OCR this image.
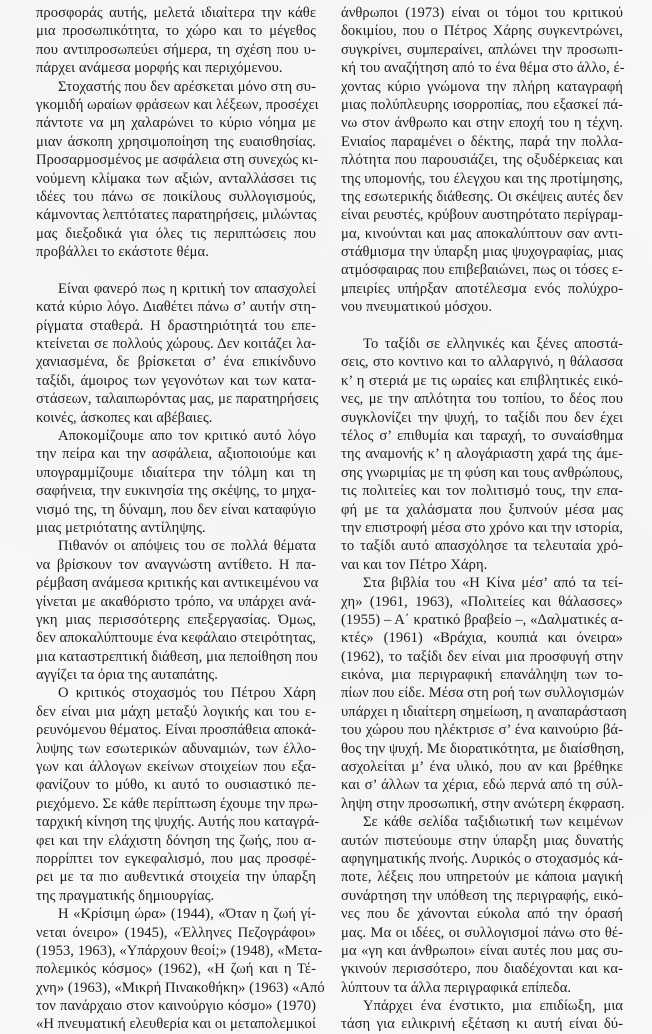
προσφοράς αυτής, μελετά ιδιαίτερα την κάθε
μια προσωπικότητα, το χώρο και το μέγεθος
που αντιπροσωπεύει σήμερα, τη σχέση που υ-
πάρχει ανάμεσα μορφής και περιχόμενου.
Στοχαστής που δεν αρέσκεται μόνο στη συ-
γκομιδή ωραίων φράσεων και λέξεων, προσέχει
πάντοτε να μη χαλαρώνει το κύριο νόημα με
μιαν άσκοπη χρησιμοποίηση της ευαισθησίας.
Προσαρμοσμένος με ασφάλεια στη συνεχώς κι-
νούμενη κλίμακα των αξιών, ανταλλάσσει τις
ιδέες του πάνω σε ποικίλους συλλογισμούς,
κάμνοντας λεπτότατες παρατηρήσεις, μιλώντας
μας διεξοδικά για όλες τις περιπτώσεις που
προβάλλει το εκάστοτε θέμα.
Είναι φανερό πως η κριτική τον απασχολεί
κατά κύριο λόγο. Διαθέτει πάνω σ’ αυτήν στη-
ρίγματα σταθερά. Η δραστηριότητά του επε-
κτείνεται σε πολλούς χώρους. Δεν κοιτάζει λα-
χανιασμένα, δε βρίσκεται σ’ ένα επικίνδυνο
ταξίδι, άμοιρος των γεγονότων και των κατα-
στάσεων, ταλαιπωρόντας μας, με παρατηρήσεις
κοινές, άσκοπες και αβέβαιες.
Αποκομίζουμε απο τον κριτικό αυτό λόγο
την πείρα και την ασφάλεια, αξιοποιούμε και
υπογραμμίζουμε ιδιαίτερα την τόλμη και τη
σαφήνεια, την ευκινησία της σκέψης, το μηχα-
νισμό της, τη δύναμη, που δεν είναι καταφύγιο
μιας μετριότατης αντίληψης.
Πιθανόν οι απόψεις του σε πολλά θέματα
να βρίσκουν τον αναγνώστη αντίθετο. Η πα-
ρέμβαση ανάμεσα κριτικής και αντικειμένου να
γίνεται με ακαθόριστο τρόπο, να υπάρχει ανά-
γκη μιας περισσότερης επεξεργασίας. Όμως,
δεν αποκαλύπτουμε ένα κεφάλαιο στειρότητας,
μια καταστρεπτική διάθεση, μια πεποίθηση που
αγγίζει τα όρια της αυταπάτης.
Ο κριτικός στοχασμός του Πέτρου Χάρη
δεν είναι μια μάχη μεταξύ λογικής και του ε-
ρευνόμενου θέματος. Είναι προσπάθεια αποκά-
λυψης των εσωτερικών αδυναμιών, των έλλο-
γων και άλλογων εκείνων στοιχείων που εξα-
φανίζουν το μύθο, κι αυτό το ουσιαστικό πε-
ριεχόμενο. Σε κάθε περίπτωση έχουμε την πρω-
ταρχική κίνηση της ψυχής. Αυτής που καταγρά-
φει και την ελάχιστη δόνηση της ζωής, που α-
πορρίπτει τον εγκεφαλισμό, που μας προσφέ-
ρει με τα πιο αυθεντικά στοιχεία την ύπαρξη
της πραγματικής δημιουργίας.
Η «Κρίσιμη ώρα» (1944), «Όταν η ζωή γί-
νεται όνειρο» (1945), «Έλληνες Πεζογράφοι»
(1953, 1963), «Υπάρχουν θεοί;» (1948), «Μετα-
πολεμικός κόσμος» (1962), «Η ζωή και η Τέ-
χνη» (1963), «Μικρή Πινακοθήκη» (1963) «Από
τον πανάρχαιο στον καινούργιο κόσμο» (1970)
«Η πνευματική ελευθερία και οι μεταπολεμικοί
άνθρωποι (1973) είναι οι τόμοι του κριτικού
δοκιμίου, που ο Πέτρος Χάρης συγκεντρώνει,
συγκρίνει, συμπεραίνει, απλώνει την προσωπι-
κή του αναζήτηση από το ένα θέμα στο άλλο, έ-
χοντας κύριο γνώμονα την πλήρη καταγραφή
μιας πολύπλευρης ισορροπίας, που εξασκεί πά-
νω στον άνθρωπο και στην εποχή του η τέχνη.
Ενιαίος παραμένει ο δέκτης, παρά την πολλα-
πλότητα που παρουσιάζει, της οξυδέρκειας και
της υπομονής, του έλεγχου και της προτίμησης,
της εσωτερικής διάθεσης. Οι σκέψεις αυτές δεν
είναι ρευστές, κρύβουν αυστηρότατο περίγραμ-
μα, κινούνται και μας αποκαλύπτουν σαν αντι-
στάθμισμα την ύπαρξη μιας ψυχογραφίας, μιας
ατμόσφαιρας που επιβεβαιώνει, πως οι τόσες ε-
μπειρίες υπήρξαν αποτέλεσμα ενός πολύχρο-
νου πνευματικού μόσχου.
Το ταξίδι σε ελληνικές και ξένες αποστά-
σεις, στο κοντινο και το αλλαργινό, η θάλασσα
κ’ η στεριά με τις ωραίες και επιβλητικές εικό-
νες, με την απλότητα του τοπίου, το δέος που
συγκλονίζει την ψυχή, το ταξίδι που δεν έχει
τέλος σ’ επιθυμία και ταραχή, το συναίσθημα
της αναμονής κ’ η αλογάριαστη χαρά της άμε-
σης γνωριμίας με τη φύση και τους ανθρώπους,
τις πολιτείες και τον πολιτισμό τους, την επα-
φή με τα χαλάσματα που ξυπνούν μέσα μας
την επιστροφή μέσα στο χρόνο και την ιστορία,
το ταξίδι αυτό απασχόλησε τα τελευταία χρό-
ναι και τον Πέτρο Χάρη.
Στα βιβλία του «Η Κίνα μέσ’ από τα τεί-
χη» (1961, 1963), «Πολιτείες και θάλασσες»
(1955) – Α΄ κρατικό βραβείο –, «Δαλματικές α-
κτές» (1961) «Βράχια, κουπιά και όνειρα»
(1962), το ταξίδι δεν είναι μια προσφυγή στην
εικόνα, μια περιγραφική επανάληψη των το-
πίων που είδε. Μέσα στη ροή των συλλογισμών
υπάρχει η ιδιαίτερη σημείωση, η αναπαράσταση
του χώρου που ηλέκτρισε σ’ ένα καινούριο βά-
θος την ψυχή. Με διορατικότητα, με διαίσθηση,
ασχολείται μ’ ένα υλικό, που αν και βρέθηκε
και σ’ άλλων τα χέρια, εδώ περνά από τη σύλ-
ληψη στην προσωπική, στην ανώτερη έκφραση.
Σε κάθε σελίδα ταξιδιωτική των κειμένων
αυτών πιστεύουμε στην ύπαρξη μιας δυνατής
αφηγηματικής πνοής. Λυρικός ο στοχασμός κά-
ποτε, λέξεις που υπηρετούν με κάποια μαγική
συνάρτηση την υπόθεση της περιγραφής, εικό-
νες που δε χάνονται εύκολα από την όρασή
μας. Μα οι ιδέες, οι συλλογισμοί πάνω στο θέ-
μα «γη και άνθρωποι» είναι αυτές που μας συ-
γκινούν περισσότερο, που διαδέχονται και κα-
λύπτουν τα άλλα περιγραφικά επίπεδα.
Υπάρχει ένα ένστικτο, μια επιδίωξη, μια
τάση για ειλικρινή εξέταση κι αυτή είναι δύ-
